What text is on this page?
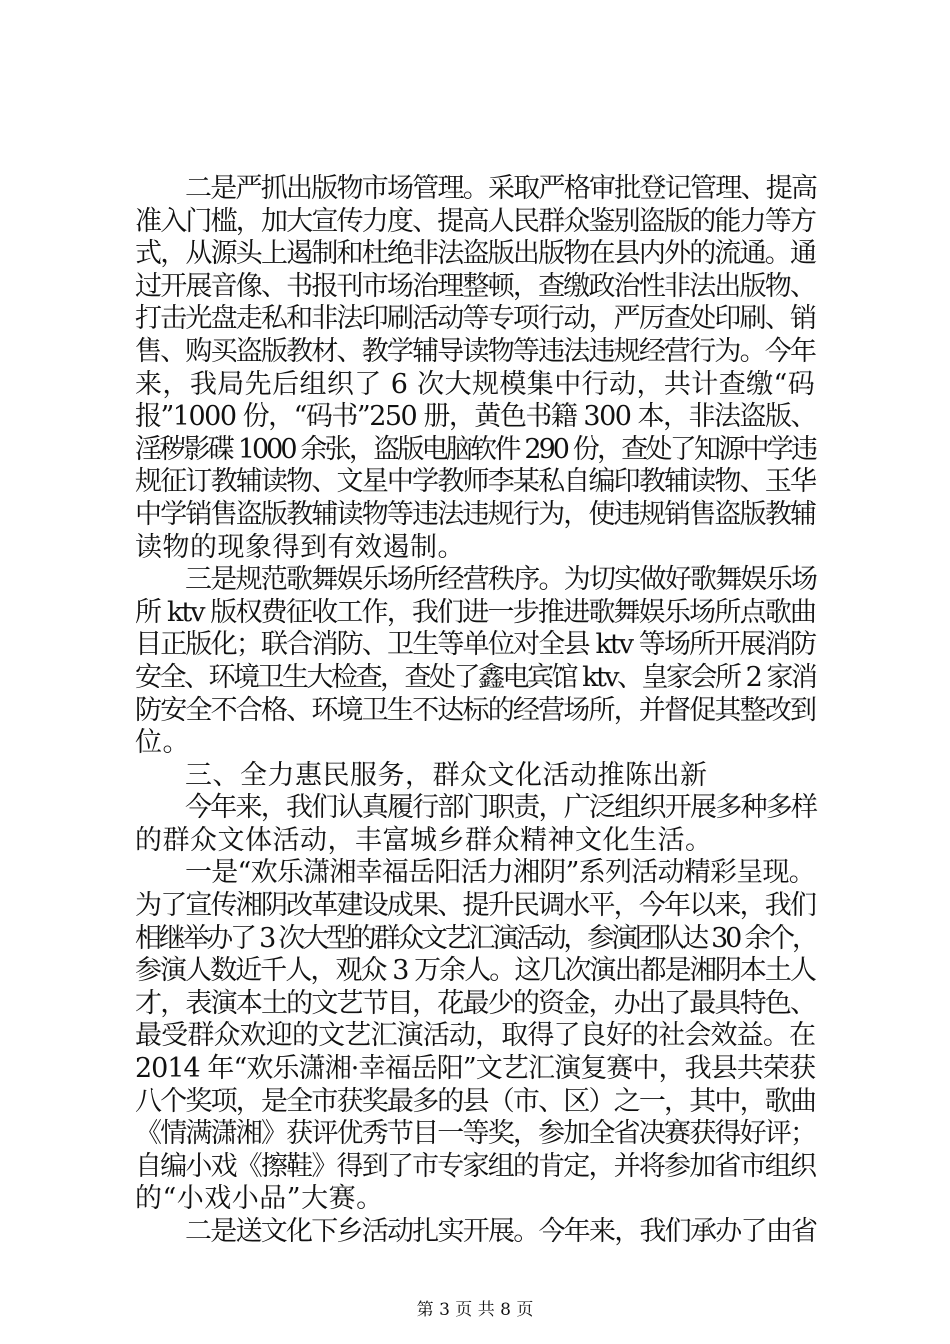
二是严抓出版物市场管理。采取严格审批登记管理、提高
准入门槛，加大宣传力度、提高人民群众鉴别盗版的能力等方
式，从源头上遏制和杜绝非法盗版出版物在县内外的流通。通
过开展音像、书报刊市场治理整顿，查缴政治性非法出版物、
打击光盘走私和非法印刷活动等专项行动，严厉查处印刷、销
售、购买盗版教材、教学辅导读物等违法违规经营行为。今年
来，我局先后组织了 6 次大规模集中行动，共计查缴“码
报”1000 份，“码书”250 册，黄色书籍 300 本，非法盗版、
淫秽影碟 1000 余张，盗版电脑软件 290 份，查处了知源中学违
规征订教辅读物、文星中学教师李某私自编印教辅读物、玉华
中学销售盗版教辅读物等违法违规行为，使违规销售盗版教辅
读物的现象得到有效遏制。
三是规范歌舞娱乐场所经营秩序。为切实做好歌舞娱乐场
所 ktv 版权费征收工作，我们进一步推进歌舞娱乐场所点歌曲
目正版化；联合消防、卫生等单位对全县 ktv 等场所开展消防
安全、环境卫生大检查，查处了鑫电宾馆 ktv、皇家会所 2 家消
防安全不合格、环境卫生不达标的经营场所，并督促其整改到
位。
三、全力惠民服务，群众文化活动推陈出新
今年来，我们认真履行部门职责，广泛组织开展多种多样
的群众文体活动，丰富城乡群众精神文化生活。
一是“欢乐潇湘幸福岳阳活力湘阴”系列活动精彩呈现。
为了宣传湘阴改革建设成果、提升民调水平，今年以来，我们
相继举办了 3 次大型的群众文艺汇演活动，参演团队达 30 余个，
参演人数近千人，观众 3 万余人。这几次演出都是湘阴本土人
才，表演本土的文艺节目，花最少的资金，办出了最具特色、
最受群众欢迎的文艺汇演活动，取得了良好的社会效益。在
2014 年“欢乐潇湘·幸福岳阳”文艺汇演复赛中，我县共荣获
八个奖项，是全市获奖最多的县（市、区）之一，其中，歌曲
《情满潇湘》获评优秀节目一等奖，参加全省决赛获得好评；
自编小戏《擦鞋》得到了市专家组的肯定，并将参加省市组织
的“小戏小品”大赛。
二是送文化下乡活动扎实开展。今年来，我们承办了由省
第 3 页 共 8 页
